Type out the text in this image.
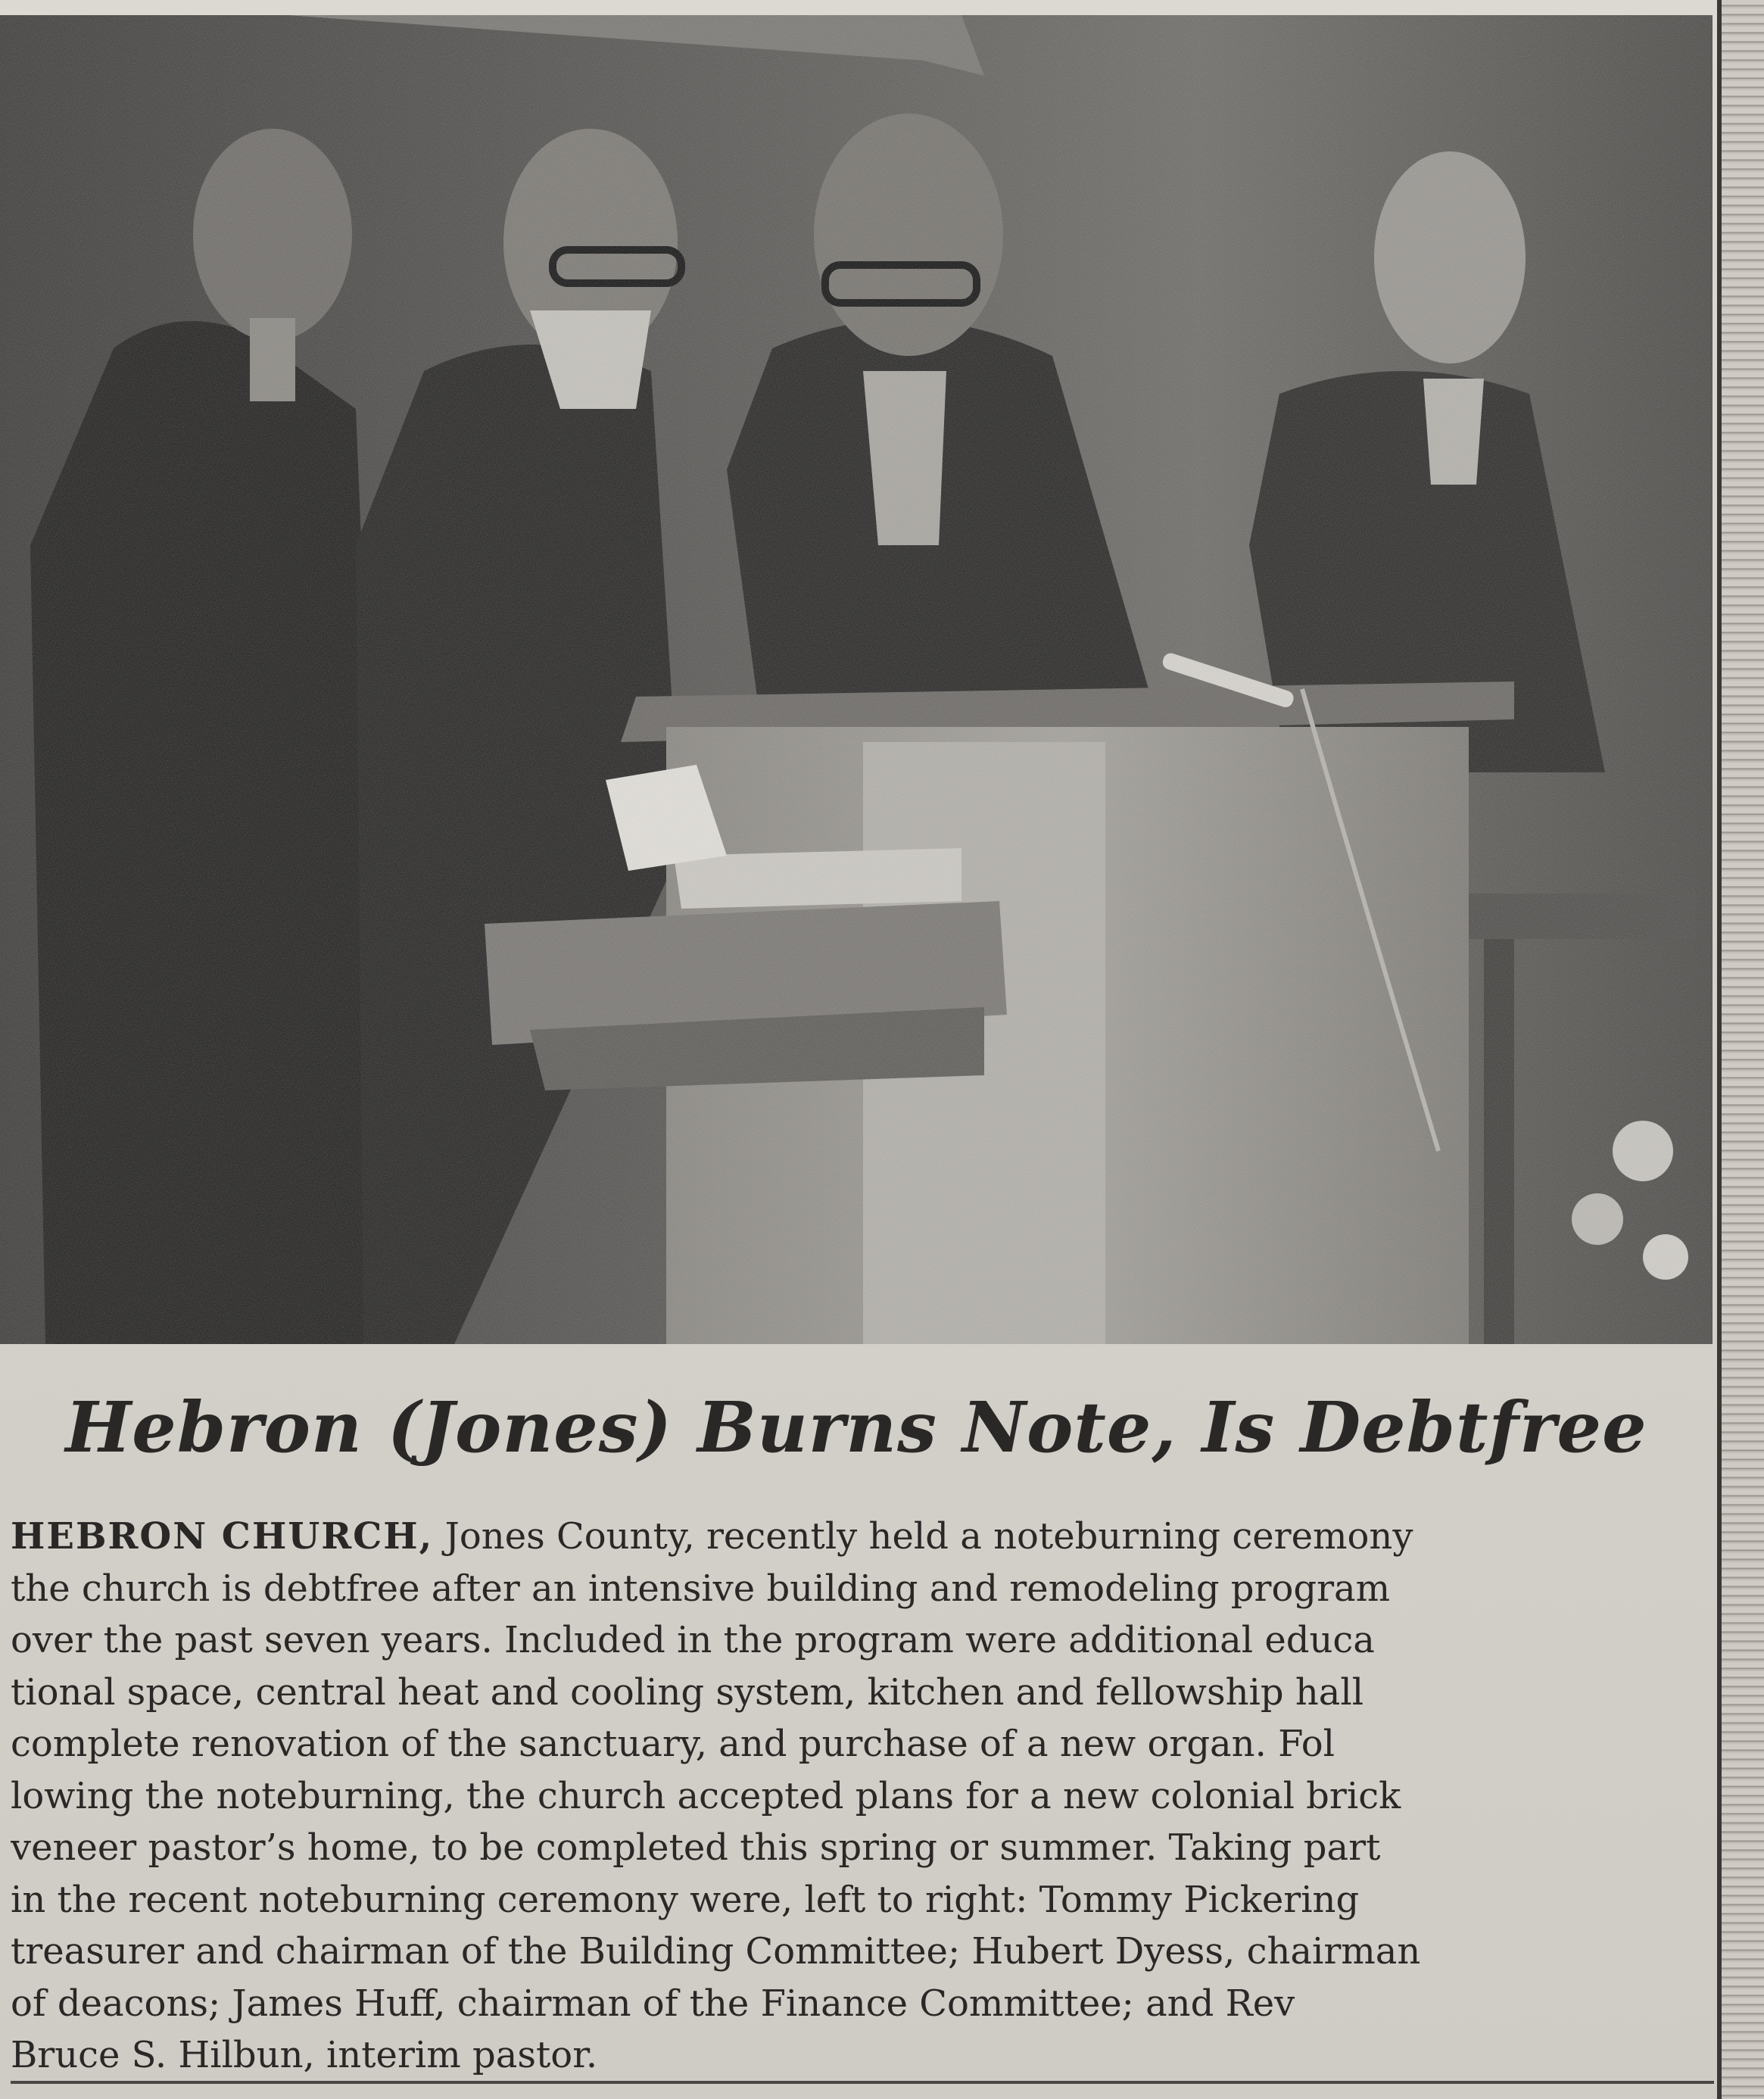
Hebron (Jones) Burns Note, Is Debtfree
HEBRON CHURCH, Jones County, recently held a noteburning ceremony
the church is debtfree after an intensive building and remodeling program
over the past seven years. Included in the program were additional educa
tional space, central heat and cooling system, kitchen and fellowship hall
complete renovation of the sanctuary, and purchase of a new organ. Fol
lowing the noteburning, the church accepted plans for a new colonial brick
veneer pastor’s home, to be completed this spring or summer. Taking part
in the recent noteburning ceremony were, left to right: Tommy Pickering
treasurer and chairman of the Building Committee; Hubert Dyess, chairman
of deacons; James Huff, chairman of the Finance Committee; and Rev
Bruce S. Hilbun, interim pastor.
